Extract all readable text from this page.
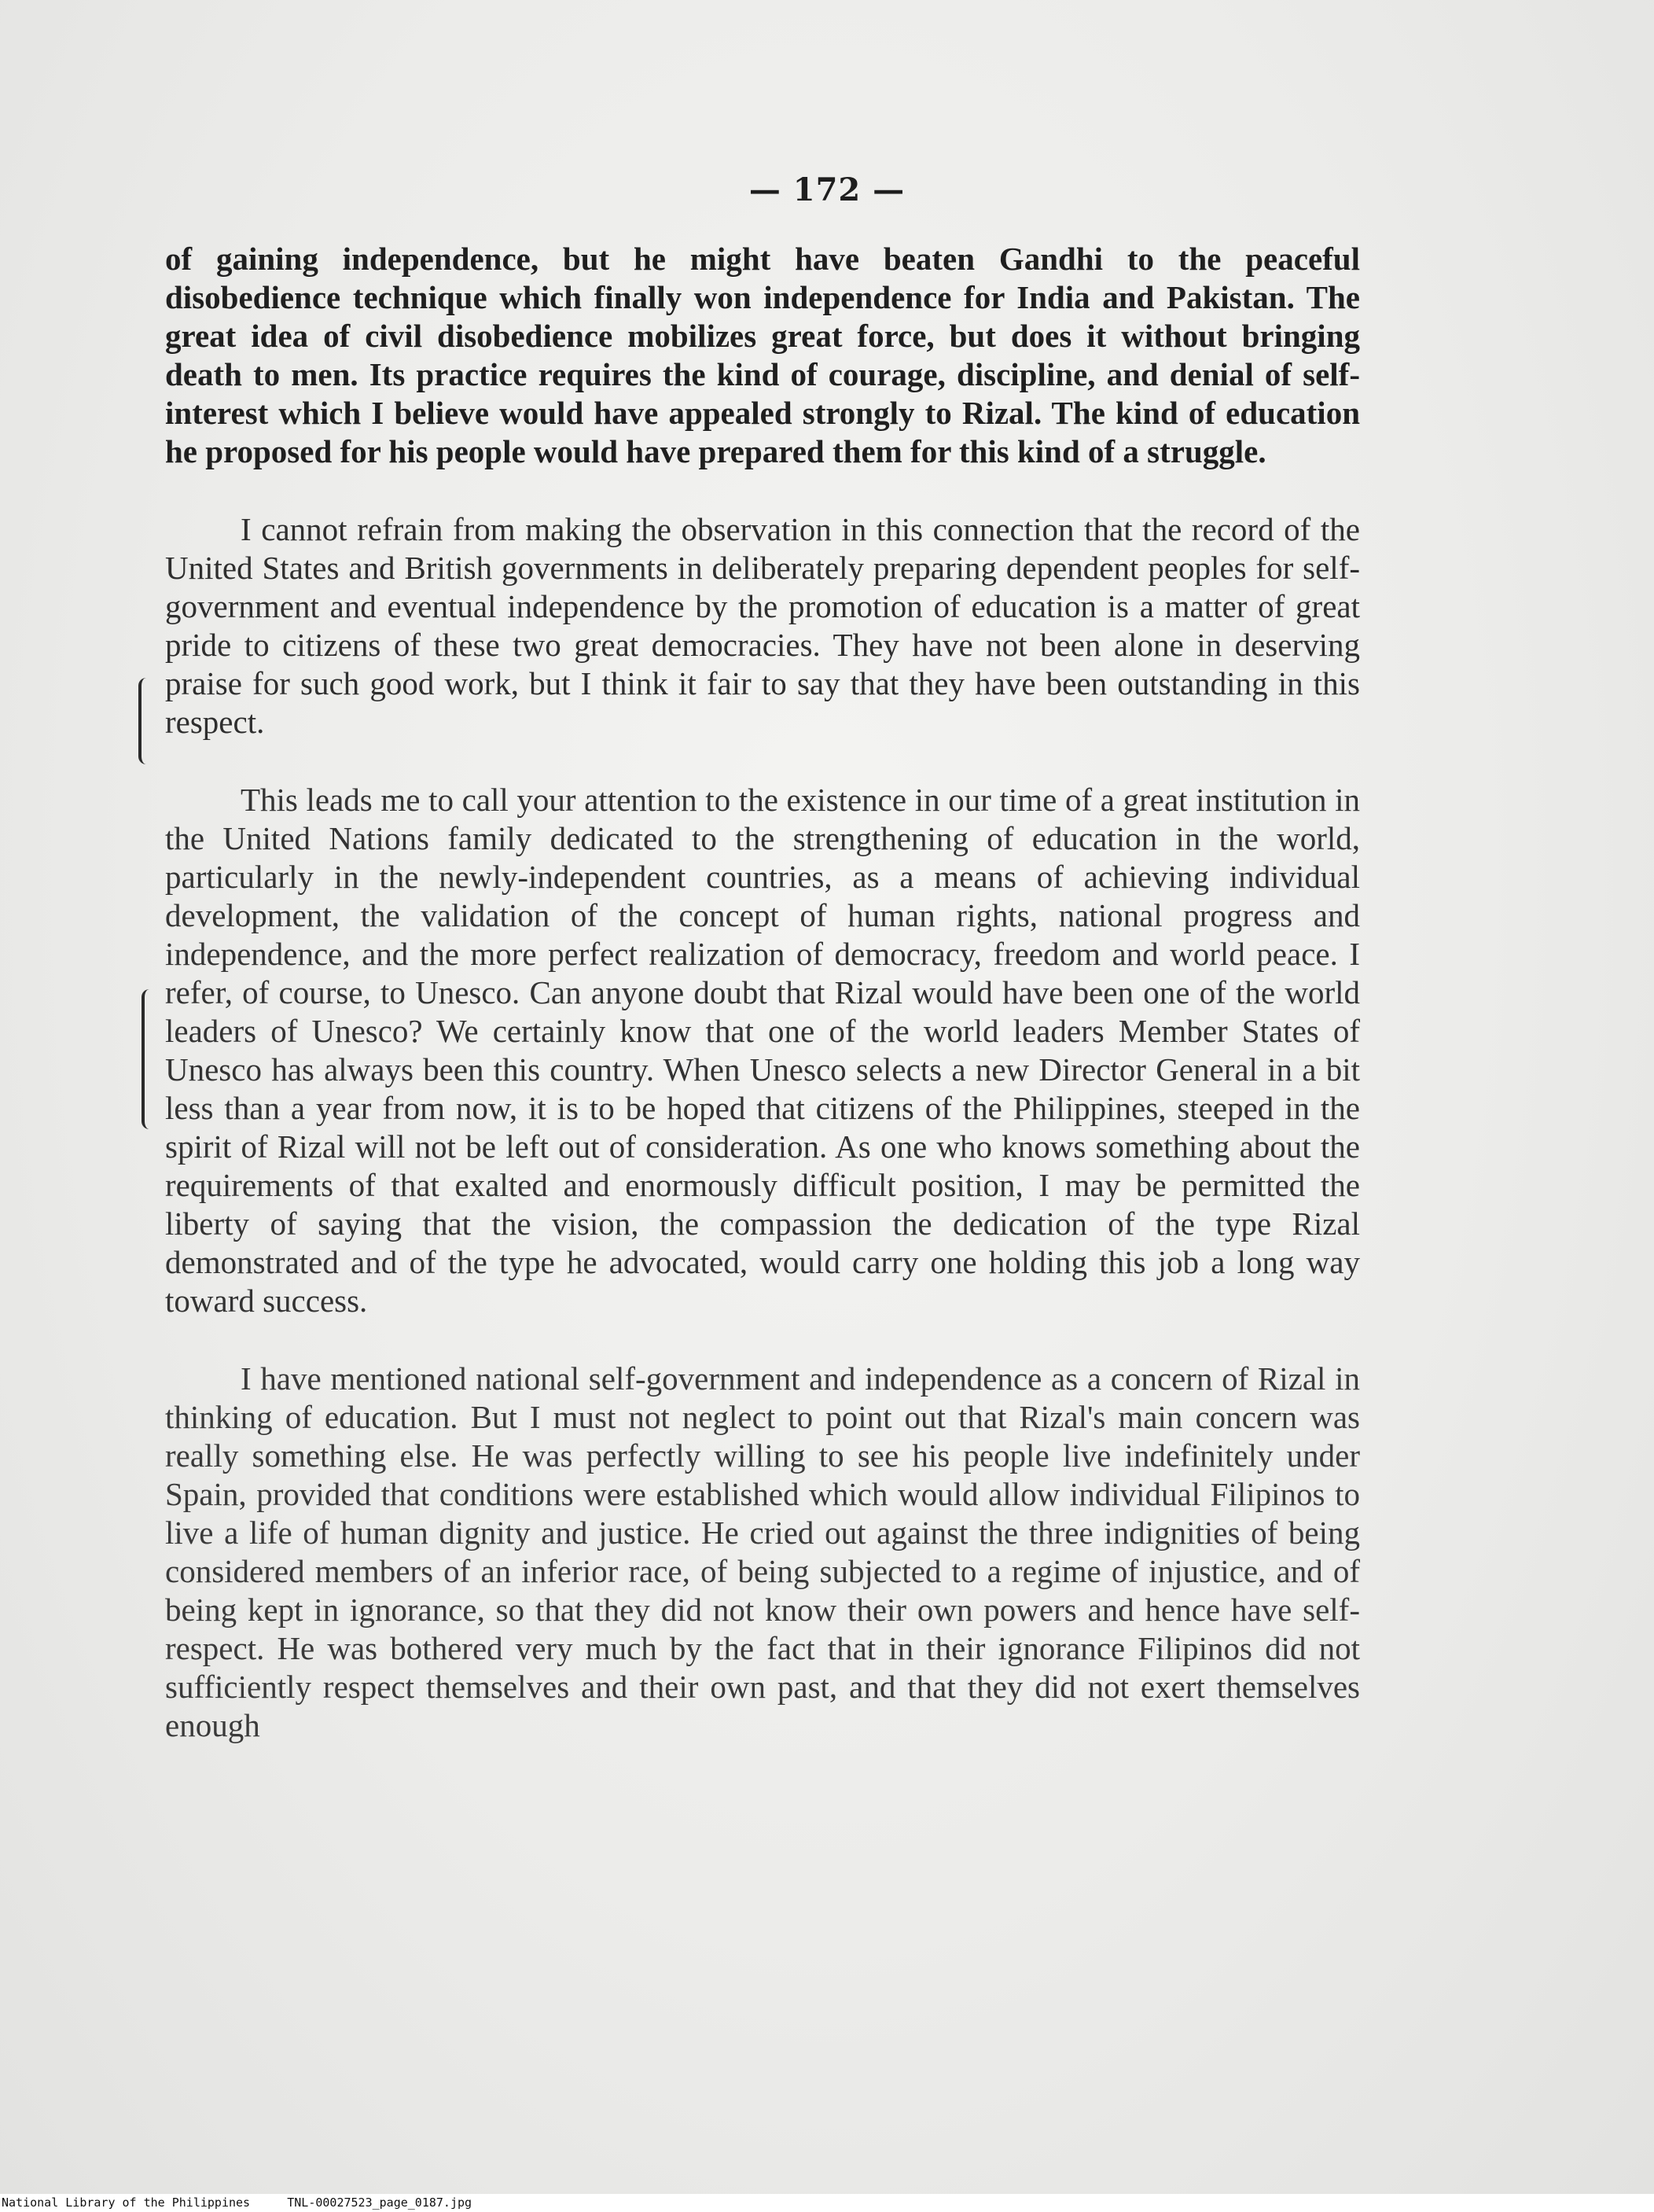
— 172 —

of gaining independence, but he might have beaten Gandhi to the peaceful disobedience technique which finally won independence for India and Pakistan. The great idea of civil disobedience mobilizes great force, but does it without bringing death to men. Its practice requires the kind of courage, discipline, and denial of self-interest which I believe would have appealed strongly to Rizal. The kind of education he proposed for his people would have prepared them for this kind of a struggle.

I cannot refrain from making the observation in this connection that the record of the United States and British governments in deliberately preparing dependent peoples for self-government and eventual independence by the promotion of education is a matter of great pride to citizens of these two great democracies. They have not been alone in deserving praise for such good work, but I think it fair to say that they have been outstanding in this respect.

This leads me to call your attention to the existence in our time of a great institution in the United Nations family dedicated to the strengthening of education in the world, particularly in the newly-independent countries, as a means of achieving individual development, the validation of the concept of human rights, national progress and independence, and the more perfect realization of democracy, freedom and world peace. I refer, of course, to Unesco. Can anyone doubt that Rizal would have been one of the world leaders of Unesco? We certainly know that one of the world leaders Member States of Unesco has always been this country. When Unesco selects a new Director General in a bit less than a year from now, it is to be hoped that citizens of the Philippines, steeped in the spirit of Rizal will not be left out of consideration. As one who knows something about the requirements of that exalted and enormously difficult position, I may be permitted the liberty of saying that the vision, the compassion the dedication of the type Rizal demonstrated and of the type he advocated, would carry one holding this job a long way toward success.

I have mentioned national self-government and independence as a concern of Rizal in thinking of education. But I must not neglect to point out that Rizal's main concern was really something else. He was perfectly willing to see his people live indefinitely under Spain, provided that conditions were established which would allow individual Filipinos to live a life of human dignity and justice. He cried out against the three indignities of being considered members of an inferior race, of being subjected to a regime of injustice, and of being kept in ignorance, so that they did not know their own powers and hence have self-respect. He was bothered very much by the fact that in their ignorance Filipinos did not sufficiently respect themselves and their own past, and that they did not exert themselves enough

National Library of the Philippines	TNL-00027523_page_0187.jpg
